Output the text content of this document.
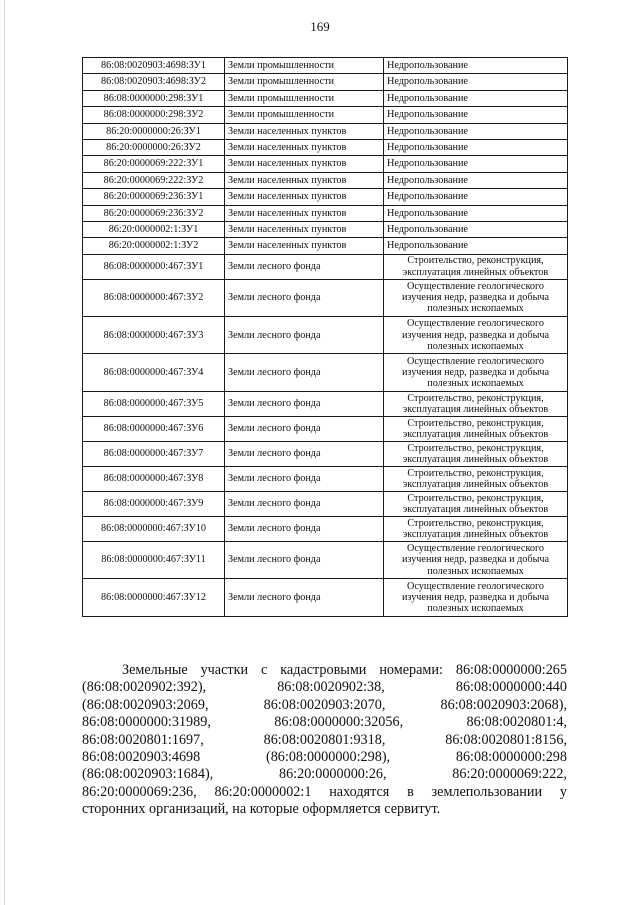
169
86:08:0020903:4698:ЗУ1	Земли промышленности	Недропользование
86:08:0020903:4698:ЗУ2	Земли промышленности	Недропользование
86:08:0000000:298:ЗУ1	Земли промышленности	Недропользование
86:08:0000000:298:ЗУ2	Земли промышленности	Недропользование
86:20:0000000:26:ЗУ1	Земли населенных пунктов	Недропользование
86:20:0000000:26:ЗУ2	Земли населенных пунктов	Недропользование
86:20:0000069:222:ЗУ1	Земли населенных пунктов	Недропользование
86:20:0000069:222:ЗУ2	Земли населенных пунктов	Недропользование
86:20:0000069:236:ЗУ1	Земли населенных пунктов	Недропользование
86:20:0000069:236:ЗУ2	Земли населенных пунктов	Недропользование
86:20:0000002:1:ЗУ1	Земли населенных пунктов	Недропользование
86:20:0000002:1:ЗУ2	Земли населенных пунктов	Недропользование
86:08:0000000:467:ЗУ1	Земли лесного фонда	Строительство, реконструкция, эксплуатация линейных объектов
86:08:0000000:467:ЗУ2	Земли лесного фонда	Осуществление геологического изучения недр, разведка и добыча полезных ископаемых
86:08:0000000:467:ЗУ3	Земли лесного фонда	Осуществление геологического изучения недр, разведка и добыча полезных ископаемых
86:08:0000000:467:ЗУ4	Земли лесного фонда	Осуществление геологического изучения недр, разведка и добыча полезных ископаемых
86:08:0000000:467:ЗУ5	Земли лесного фонда	Строительство, реконструкция, эксплуатация линейных объектов
86:08:0000000:467:ЗУ6	Земли лесного фонда	Строительство, реконструкция, эксплуатация линейных объектов
86:08:0000000:467:ЗУ7	Земли лесного фонда	Строительство, реконструкция, эксплуатация линейных объектов
86:08:0000000:467:ЗУ8	Земли лесного фонда	Строительство, реконструкция, эксплуатация линейных объектов
86:08:0000000:467:ЗУ9	Земли лесного фонда	Строительство, реконструкция, эксплуатация линейных объектов
86:08:0000000:467:ЗУ10	Земли лесного фонда	Строительство, реконструкция, эксплуатация линейных объектов
86:08:0000000:467:ЗУ11	Земли лесного фонда	Осуществление геологического изучения недр, разведка и добыча полезных ископаемых
86:08:0000000:467:ЗУ12	Земли лесного фонда	Осуществление геологического изучения недр, разведка и добыча полезных ископаемых
Земельные участки с кадастровыми номерами: 86:08:0000000:265
(86:08:0020902:392),	86:08:0020902:38,	86:08:0000000:440
(86:08:0020903:2069,	86:08:0020903:2070,	86:08:0020903:2068),
86:08:0000000:31989,	86:08:0000000:32056,	86:08:0020801:4,
86:08:0020801:1697,	86:08:0020801:9318,	86:08:0020801:8156,
86:08:0020903:4698	(86:08:0000000:298),	86:08:0000000:298
(86:08:0020903:1684),	86:20:0000000:26,	86:20:0000069:222,
86:20:0000069:236, 86:20:0000002:1 находятся в землепользовании у
сторонних организаций, на которые оформляется сервитут.
